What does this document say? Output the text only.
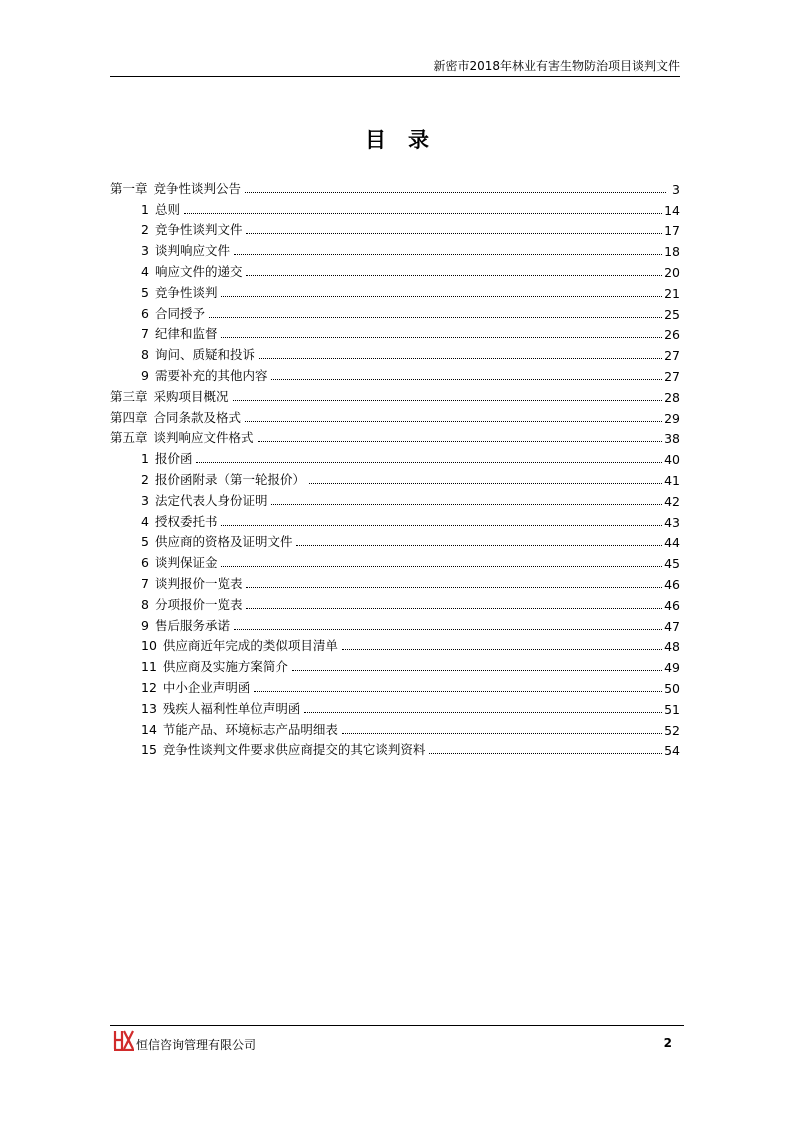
新密市2018年林业有害生物防治项目谈判文件
目录
第一章 竞争性谈判公告	3
1 总则	14
2 竞争性谈判文件	17
3 谈判响应文件	18
4 响应文件的递交	20
5 竞争性谈判	21
6 合同授予	25
7 纪律和监督	26
8 询问、质疑和投诉	27
9 需要补充的其他内容	27
第三章 采购项目概况	28
第四章 合同条款及格式	29
第五章 谈判响应文件格式	38
1 报价函	40
2 报价函附录（第一轮报价）	41
3 法定代表人身份证明	42
4 授权委托书	43
5 供应商的资格及证明文件	44
6 谈判保证金	45
7 谈判报价一览表	46
8 分项报价一览表	46
9 售后服务承诺	47
10 供应商近年完成的类似项目清单	48
11 供应商及实施方案简介	49
12 中小企业声明函	50
13 残疾人福利性单位声明函	51
14 节能产品、环境标志产品明细表	52
15 竞争性谈判文件要求供应商提交的其它谈判资料	54
恒信咨询管理有限公司	2
